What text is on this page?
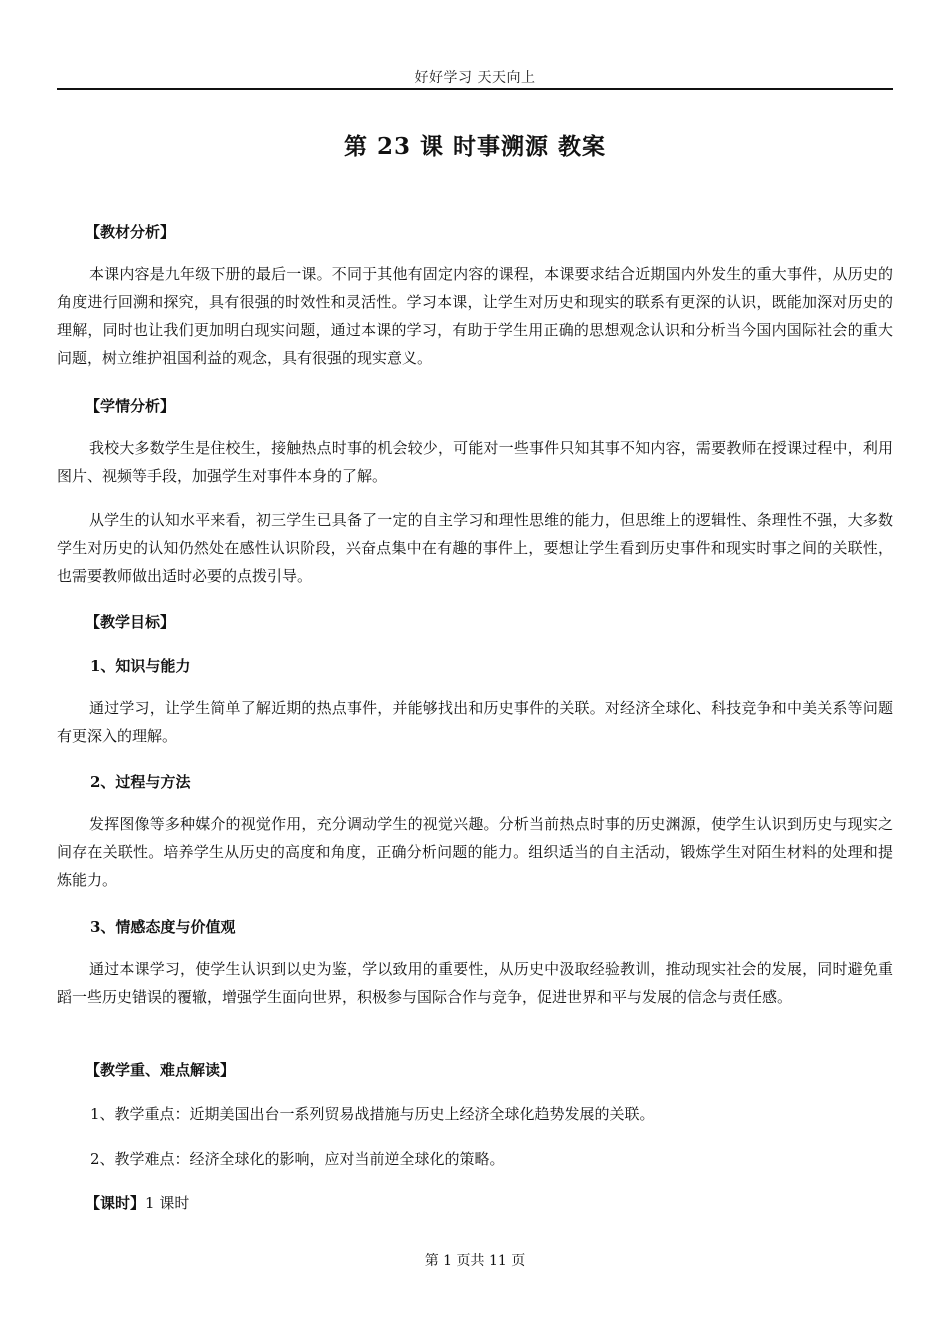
好好学习 天天向上
第 23 课 时事溯源 教案
【教材分析】
本课内容是九年级下册的最后一课。不同于其他有固定内容的课程，本课要求结合近期国内外发生的重大事件，从历史的角度进行回溯和探究，具有很强的时效性和灵活性。学习本课，让学生对历史和现实的联系有更深的认识，既能加深对历史的理解，同时也让我们更加明白现实问题，通过本课的学习，有助于学生用正确的思想观念认识和分析当今国内国际社会的重大问题，树立维护祖国利益的观念，具有很强的现实意义。
【学情分析】
我校大多数学生是住校生，接触热点时事的机会较少，可能对一些事件只知其事不知内容，需要教师在授课过程中，利用图片、视频等手段，加强学生对事件本身的了解。
从学生的认知水平来看，初三学生已具备了一定的自主学习和理性思维的能力，但思维上的逻辑性、条理性不强，大多数学生对历史的认知仍然处在感性认识阶段，兴奋点集中在有趣的事件上，要想让学生看到历史事件和现实时事之间的关联性，也需要教师做出适时必要的点拨引导。
【教学目标】
1、知识与能力
通过学习，让学生简单了解近期的热点事件，并能够找出和历史事件的关联。对经济全球化、科技竞争和中美关系等问题有更深入的理解。
2、过程与方法
发挥图像等多种媒介的视觉作用，充分调动学生的视觉兴趣。分析当前热点时事的历史渊源，使学生认识到历史与现实之间存在关联性。培养学生从历史的高度和角度，正确分析问题的能力。组织适当的自主活动，锻炼学生对陌生材料的处理和提炼能力。
3、情感态度与价值观
通过本课学习，使学生认识到以史为鉴，学以致用的重要性，从历史中汲取经验教训，推动现实社会的发展，同时避免重蹈一些历史错误的覆辙，增强学生面向世界，积极参与国际合作与竞争，促进世界和平与发展的信念与责任感。
【教学重、难点解读】
1、教学重点：近期美国出台一系列贸易战措施与历史上经济全球化趋势发展的关联。
2、教学难点：经济全球化的影响，应对当前逆全球化的策略。
【课时】1 课时
第 1 页共 11 页
